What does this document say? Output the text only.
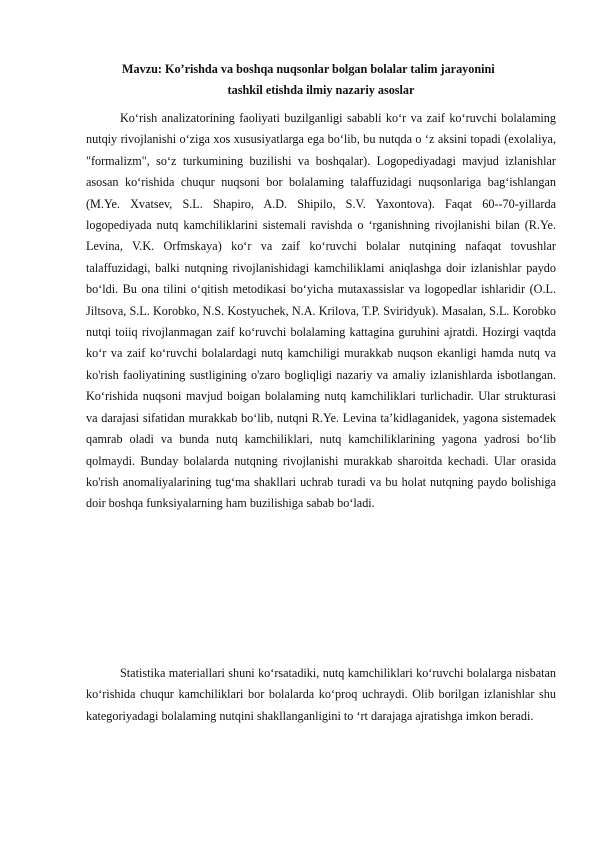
Mavzu: Ko’rishda va boshqa nuqsonlar bolgan bolalar talim jarayonini
tashkil etishda ilmiy nazariy asoslar

Ko‘rish analizatorining faoliyati buzilganligi sababli ko‘r va zaif ko‘ruvchi bolalaming nutqiy rivojlanishi o‘ziga xos xususiyatlarga ega bo‘lib, bu nutqda o ‘z aksini topadi (exolaliya, "formalizm", so‘z turkumining buzilishi va boshqalar). Logopediyadagi mavjud izlanishlar asosan ko‘rishida chuqur nuqsoni bor bolalaming talaffuzidagi nuqsonlariga bag‘ishlangan (M.Ye. Xvatsev, S.L. Shapiro, A.D. Shipilo, S.V. Yaxontova). Faqat 60--70-yillarda logopediyada nutq kamchiliklarini sistemali ravishda o ‘rganishning rivojlanishi bilan (R.Ye. Levina, V.K. Orfmskaya) ko‘r va zaif ko‘ruvchi bolalar nutqining nafaqat tovushlar talaffuzidagi, balki nutqning rivojlanishidagi kamchiliklami aniqlashga doir izlanishlar paydo bo‘ldi. Bu ona tilini o‘qitish metodikasi bo‘yicha mutaxassislar va logopedlar ishlaridir (O.L. Jiltsova, S.L. Korobko, N.S. Kostyuchek, N.A. Krilova, T.P. Sviridyuk). Masalan, S.L. Korobko nutqi toiiq rivojlanmagan zaif ko‘ruvchi bolalaming kattagina guruhini ajratdi. Hozirgi vaqtda ko‘r va zaif ko‘ruvchi bolalardagi nutq kamchiligi murakkab nuqson ekanligi hamda nutq va ko'rish faoliyatining sustligining o'zaro bogliqligi nazariy va amaliy izlanishlarda isbotlangan. Ko‘rishida nuqsoni mavjud boigan bolalaming nutq kamchiliklari turlichadir. Ular strukturasi va darajasi sifatidan murakkab bo‘lib, nutqni R.Ye. Levina ta’kidlaganidek, yagona sistemadek qamrab oladi va bunda nutq kamchiliklari, nutq kamchiliklarining yagona yadrosi bo‘lib qolmaydi. Bunday bolalarda nutqning rivojlanishi murakkab sharoitda kechadi. Ular orasida ko'rish anomaliyalarining tug‘ma shakllari uchrab turadi va bu holat nutqning paydo bolishiga doir boshqa funksiyalarning ham buzilishiga sabab bo‘ladi.

Statistika materiallari shuni ko‘rsatadiki, nutq kamchiliklari ko‘ruvchi bolalarga nisbatan ko‘rishida chuqur kamchiliklari bor bolalarda ko‘proq uchraydi. Olib borilgan izlanishlar shu kategoriyadagi bolalaming nutqini shakllanganligini to ‘rt darajaga ajratishga imkon beradi.
